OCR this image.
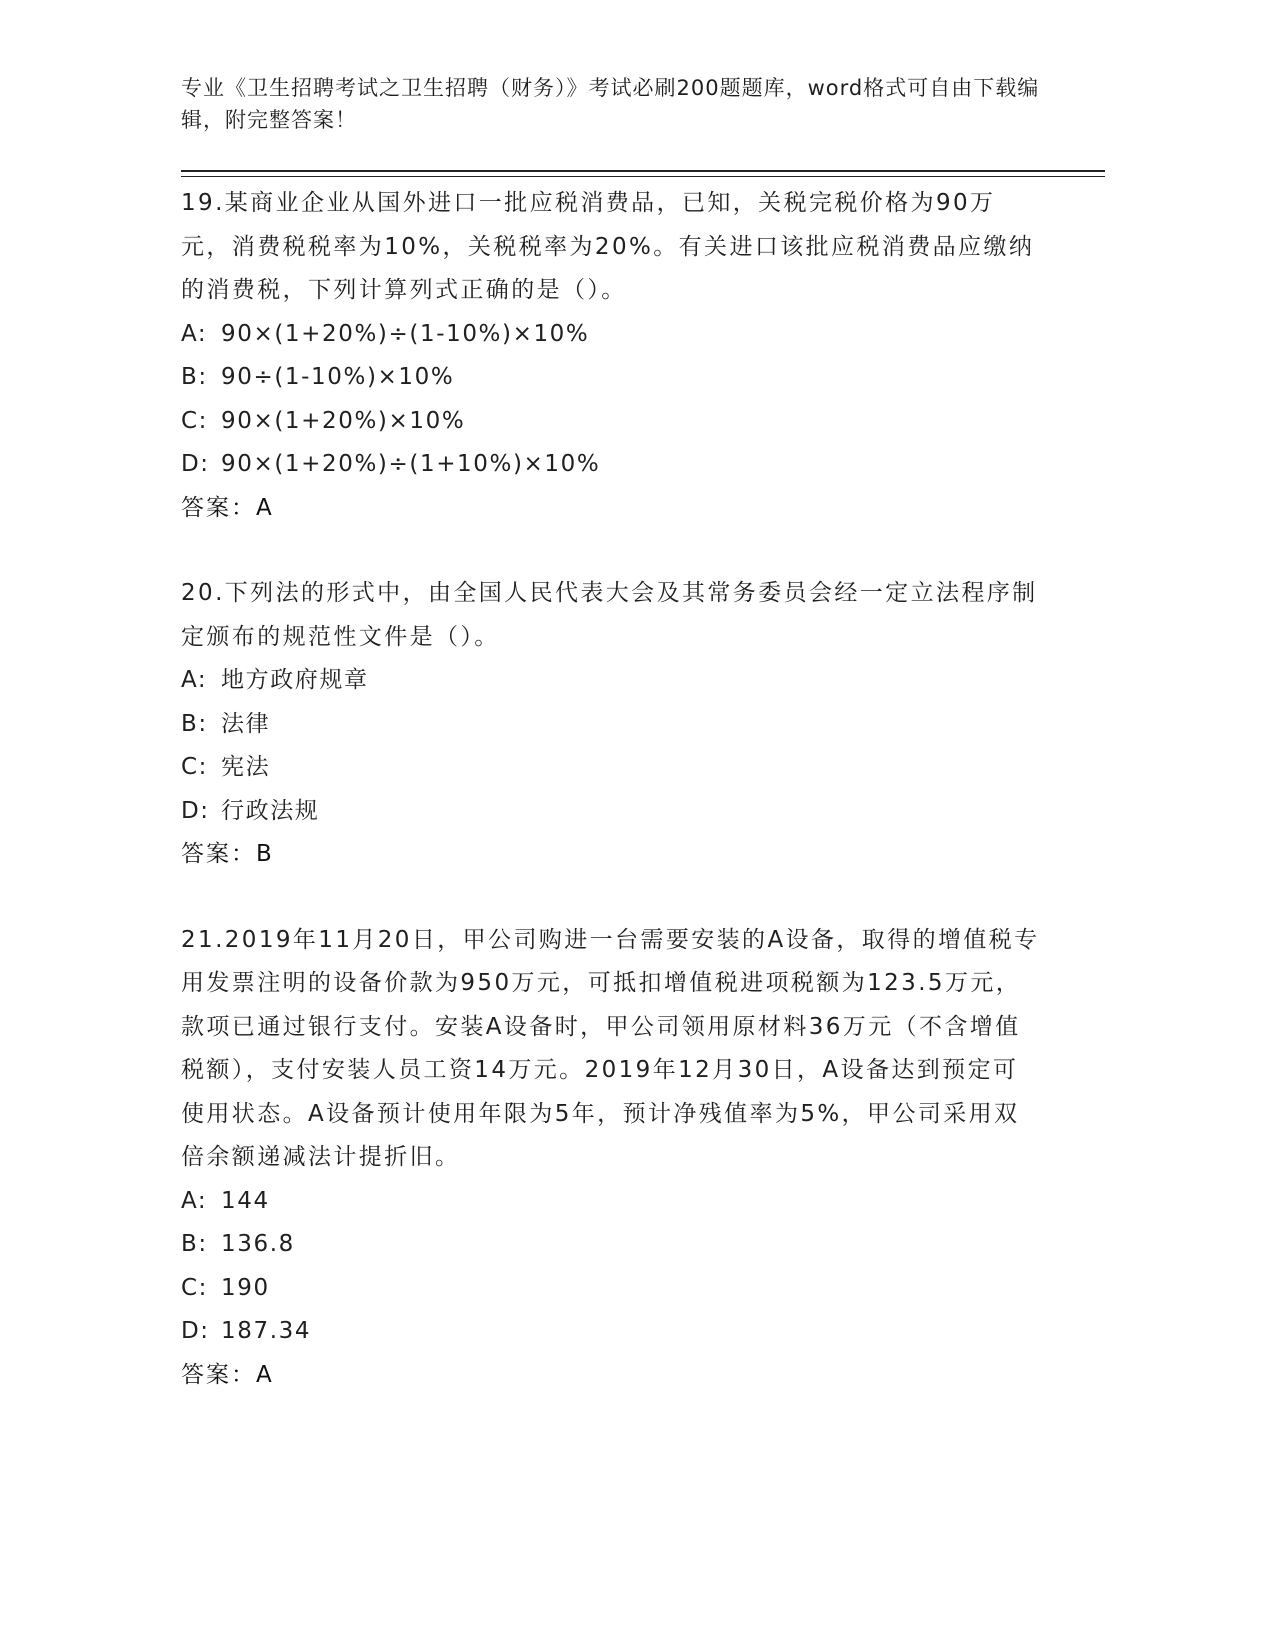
专业《卫生招聘考试之卫生招聘（财务）》考试必刷200题题库，word格式可自由下载编辑，附完整答案！
19.某商业企业从国外进口一批应税消费品，已知，关税完税价格为90万元，消费税税率为10%，关税税率为20%。有关进口该批应税消费品应缴纳的消费税，下列计算列式正确的是（）。
A: 90×(1+20%)÷(1-10%)×10%
B: 90÷(1-10%)×10%
C: 90×(1+20%)×10%
D: 90×(1+20%)÷(1+10%)×10%
答案：A
20.下列法的形式中，由全国人民代表大会及其常务委员会经一定立法程序制定颁布的规范性文件是（）。
A: 地方政府规章
B: 法律
C: 宪法
D: 行政法规
答案：B
21.2019年11月20日，甲公司购进一台需要安装的A设备，取得的增值税专用发票注明的设备价款为950万元，可抵扣增值税进项税额为123.5万元，款项已通过银行支付。安装A设备时，甲公司领用原材料36万元（不含增值税额），支付安装人员工资14万元。2019年12月30日，A设备达到预定可使用状态。A设备预计使用年限为5年，预计净残值率为5%，甲公司采用双倍余额递减法计提折旧。
A: 144
B: 136.8
C: 190
D: 187.34
答案：A
